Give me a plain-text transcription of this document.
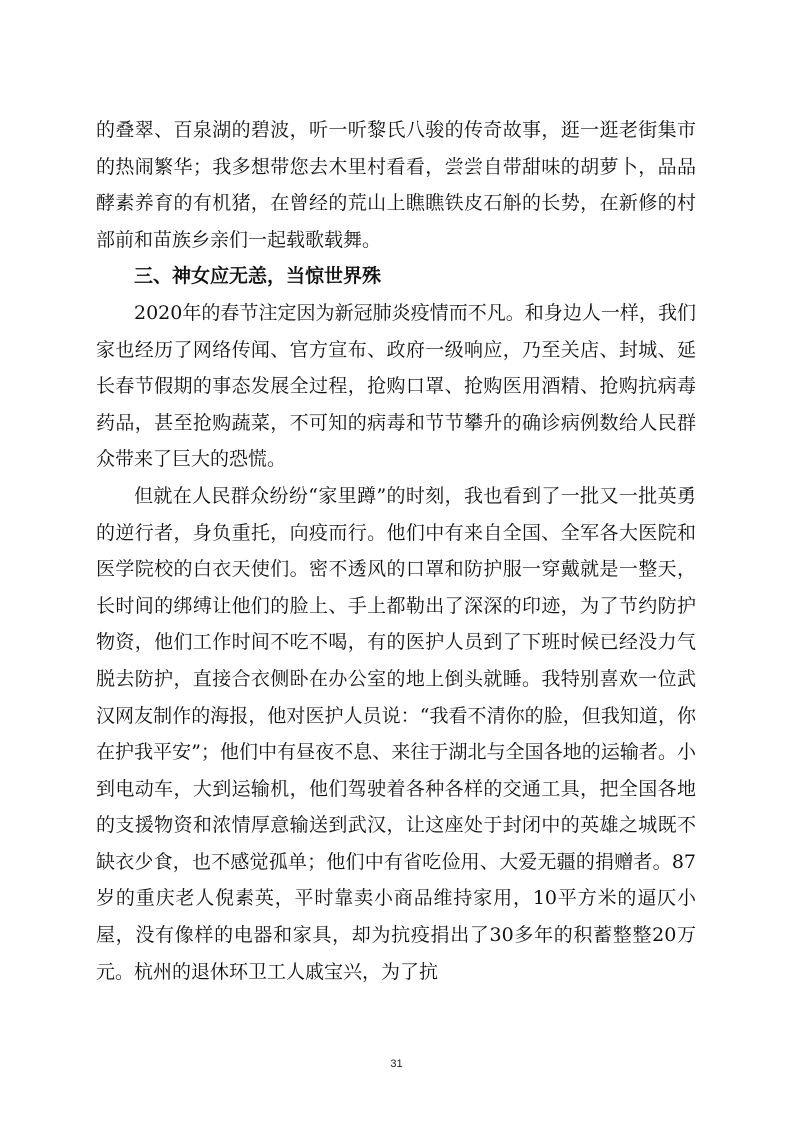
的叠翠、百泉湖的碧波，听一听黎氏八骏的传奇故事，逛一逛老街集市的热闹繁华；我多想带您去木里村看看，尝尝自带甜味的胡萝卜，品品酵素养育的有机猪，在曾经的荒山上瞧瞧铁皮石斛的长势，在新修的村部前和苗族乡亲们一起载歌载舞。

三、神女应无恙，当惊世界殊

2020年的春节注定因为新冠肺炎疫情而不凡。和身边人一样，我们家也经历了网络传闻、官方宣布、政府一级响应，乃至关店、封城、延长春节假期的事态发展全过程，抢购口罩、抢购医用酒精、抢购抗病毒药品，甚至抢购蔬菜，不可知的病毒和节节攀升的确诊病例数给人民群众带来了巨大的恐慌。

但就在人民群众纷纷“家里蹲”的时刻，我也看到了一批又一批英勇的逆行者，身负重托，向疫而行。他们中有来自全国、全军各大医院和医学院校的白衣天使们。密不透风的口罩和防护服一穿戴就是一整天，长时间的绑缚让他们的脸上、手上都勒出了深深的印迹，为了节约防护物资，他们工作时间不吃不喝，有的医护人员到了下班时候已经没力气脱去防护，直接合衣侧卧在办公室的地上倒头就睡。我特别喜欢一位武汉网友制作的海报，他对医护人员说：“我看不清你的脸，但我知道，你在护我平安”；他们中有昼夜不息、来往于湖北与全国各地的运输者。小到电动车，大到运输机，他们驾驶着各种各样的交通工具，把全国各地的支援物资和浓情厚意输送到武汉，让这座处于封闭中的英雄之城既不缺衣少食，也不感觉孤单；他们中有省吃俭用、大爱无疆的捐赠者。87岁的重庆老人倪素英，平时靠卖小商品维持家用，10平方米的逼仄小屋，没有像样的电器和家具，却为抗疫捐出了30多年的积蓄整整20万元。杭州的退休环卫工人戚宝兴，为了抗

31
